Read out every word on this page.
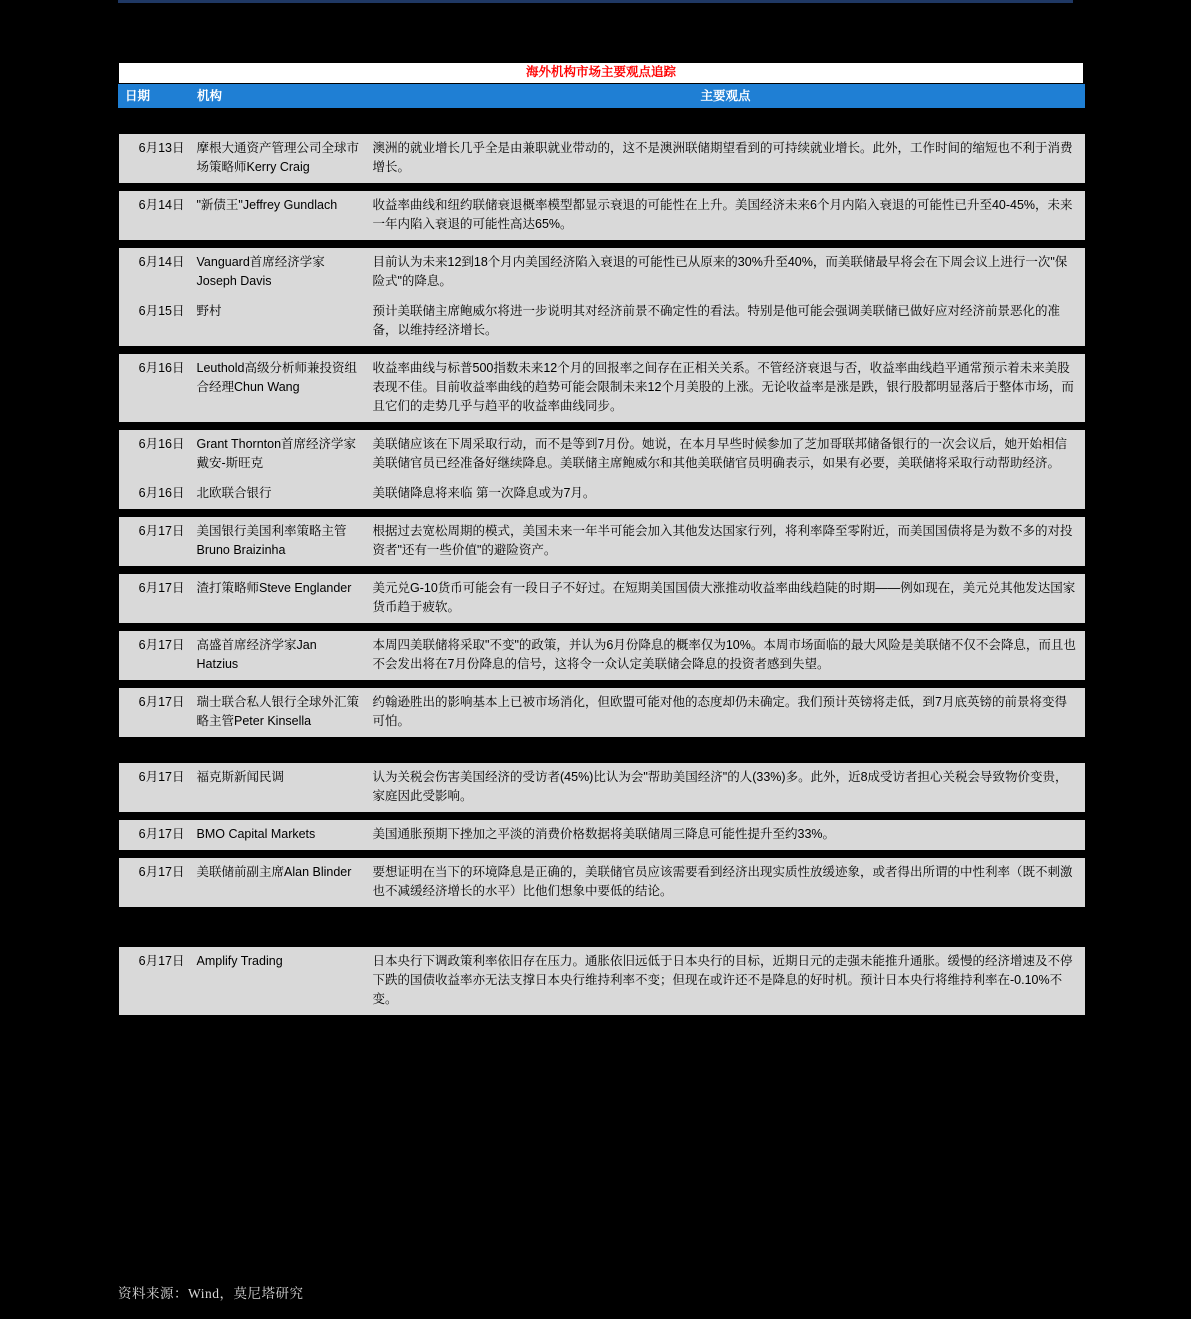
海外机构市场主要观点追踪
日期	机构	主要观点

6月13日	摩根大通资产管理公司全球市场策略师Kerry Craig	澳洲的就业增长几乎全是由兼职就业带动的，这不是澳洲联储期望看到的可持续就业增长。此外，工作时间的缩短也不利于消费增长。

6月14日	"新债王"Jeffrey Gundlach	收益率曲线和纽约联储衰退概率模型都显示衰退的可能性在上升。美国经济未来6个月内陷入衰退的可能性已升至40-45%，未来一年内陷入衰退的可能性高达65%。

6月14日	Vanguard首席经济学家Joseph Davis	目前认为未来12到18个月内美国经济陷入衰退的可能性已从原来的30%升至40%，而美联储最早将会在下周会议上进行一次"保险式"的降息。
6月15日	野村	预计美联储主席鲍威尔将进一步说明其对经济前景不确定性的看法。特别是他可能会强调美联储已做好应对经济前景恶化的准备，以维持经济增长。

6月16日	Leuthold高级分析师兼投资组合经理Chun Wang	收益率曲线与标普500指数未来12个月的回报率之间存在正相关关系。不管经济衰退与否，收益率曲线趋平通常预示着未来美股表现不佳。目前收益率曲线的趋势可能会限制未来12个月美股的上涨。无论收益率是涨是跌，银行股都明显落后于整体市场，而且它们的走势几乎与趋平的收益率曲线同步。

6月16日	Grant Thornton首席经济学家戴安-斯旺克	美联储应该在下周采取行动，而不是等到7月份。她说，在本月早些时候参加了芝加哥联邦储备银行的一次会议后，她开始相信美联储官员已经准备好继续降息。美联储主席鲍威尔和其他美联储官员明确表示，如果有必要，美联储将采取行动帮助经济。
6月16日	北欧联合银行	美联储降息将来临 第一次降息或为7月。

6月17日	美国银行美国利率策略主管Bruno Braizinha	根据过去宽松周期的模式，美国未来一年半可能会加入其他发达国家行列，将利率降至零附近，而美国国债将是为数不多的对投资者"还有一些价值"的避险资产。

6月17日	渣打策略师Steve Englander	美元兑G-10货币可能会有一段日子不好过。在短期美国国债大涨推动收益率曲线趋陡的时期——例如现在，美元兑其他发达国家货币趋于疲软。

6月17日	高盛首席经济学家Jan Hatzius	本周四美联储将采取"不变"的政策，并认为6月份降息的概率仅为10%。本周市场面临的最大风险是美联储不仅不会降息，而且也不会发出将在7月份降息的信号，这将令一众认定美联储会降息的投资者感到失望。

6月17日	瑞士联合私人银行全球外汇策略主管Peter Kinsella	约翰逊胜出的影响基本上已被市场消化，但欧盟可能对他的态度却仍未确定。我们预计英镑将走低，到7月底英镑的前景将变得可怕。

6月17日	福克斯新闻民调	认为关税会伤害美国经济的受访者(45%)比认为会"帮助美国经济"的人(33%)多。此外，近8成受访者担心关税会导致物价变贵，家庭因此受影响。

6月17日	BMO Capital Markets	美国通胀预期下挫加之平淡的消费价格数据将美联储周三降息可能性提升至约33%。

6月17日	美联储前副主席Alan Blinder	要想证明在当下的环境降息是正确的，美联储官员应该需要看到经济出现实质性放缓迹象，或者得出所谓的中性利率（既不刺激也不减缓经济增长的水平）比他们想象中要低的结论。

6月17日	Amplify Trading	日本央行下调政策利率依旧存在压力。通胀依旧远低于日本央行的目标，近期日元的走强未能推升通胀。缓慢的经济增速及不停下跌的国债收益率亦无法支撑日本央行维持利率不变；但现在或许还不是降息的好时机。预计日本央行将维持利率在-0.10%不变。
资料来源：Wind，莫尼塔研究
